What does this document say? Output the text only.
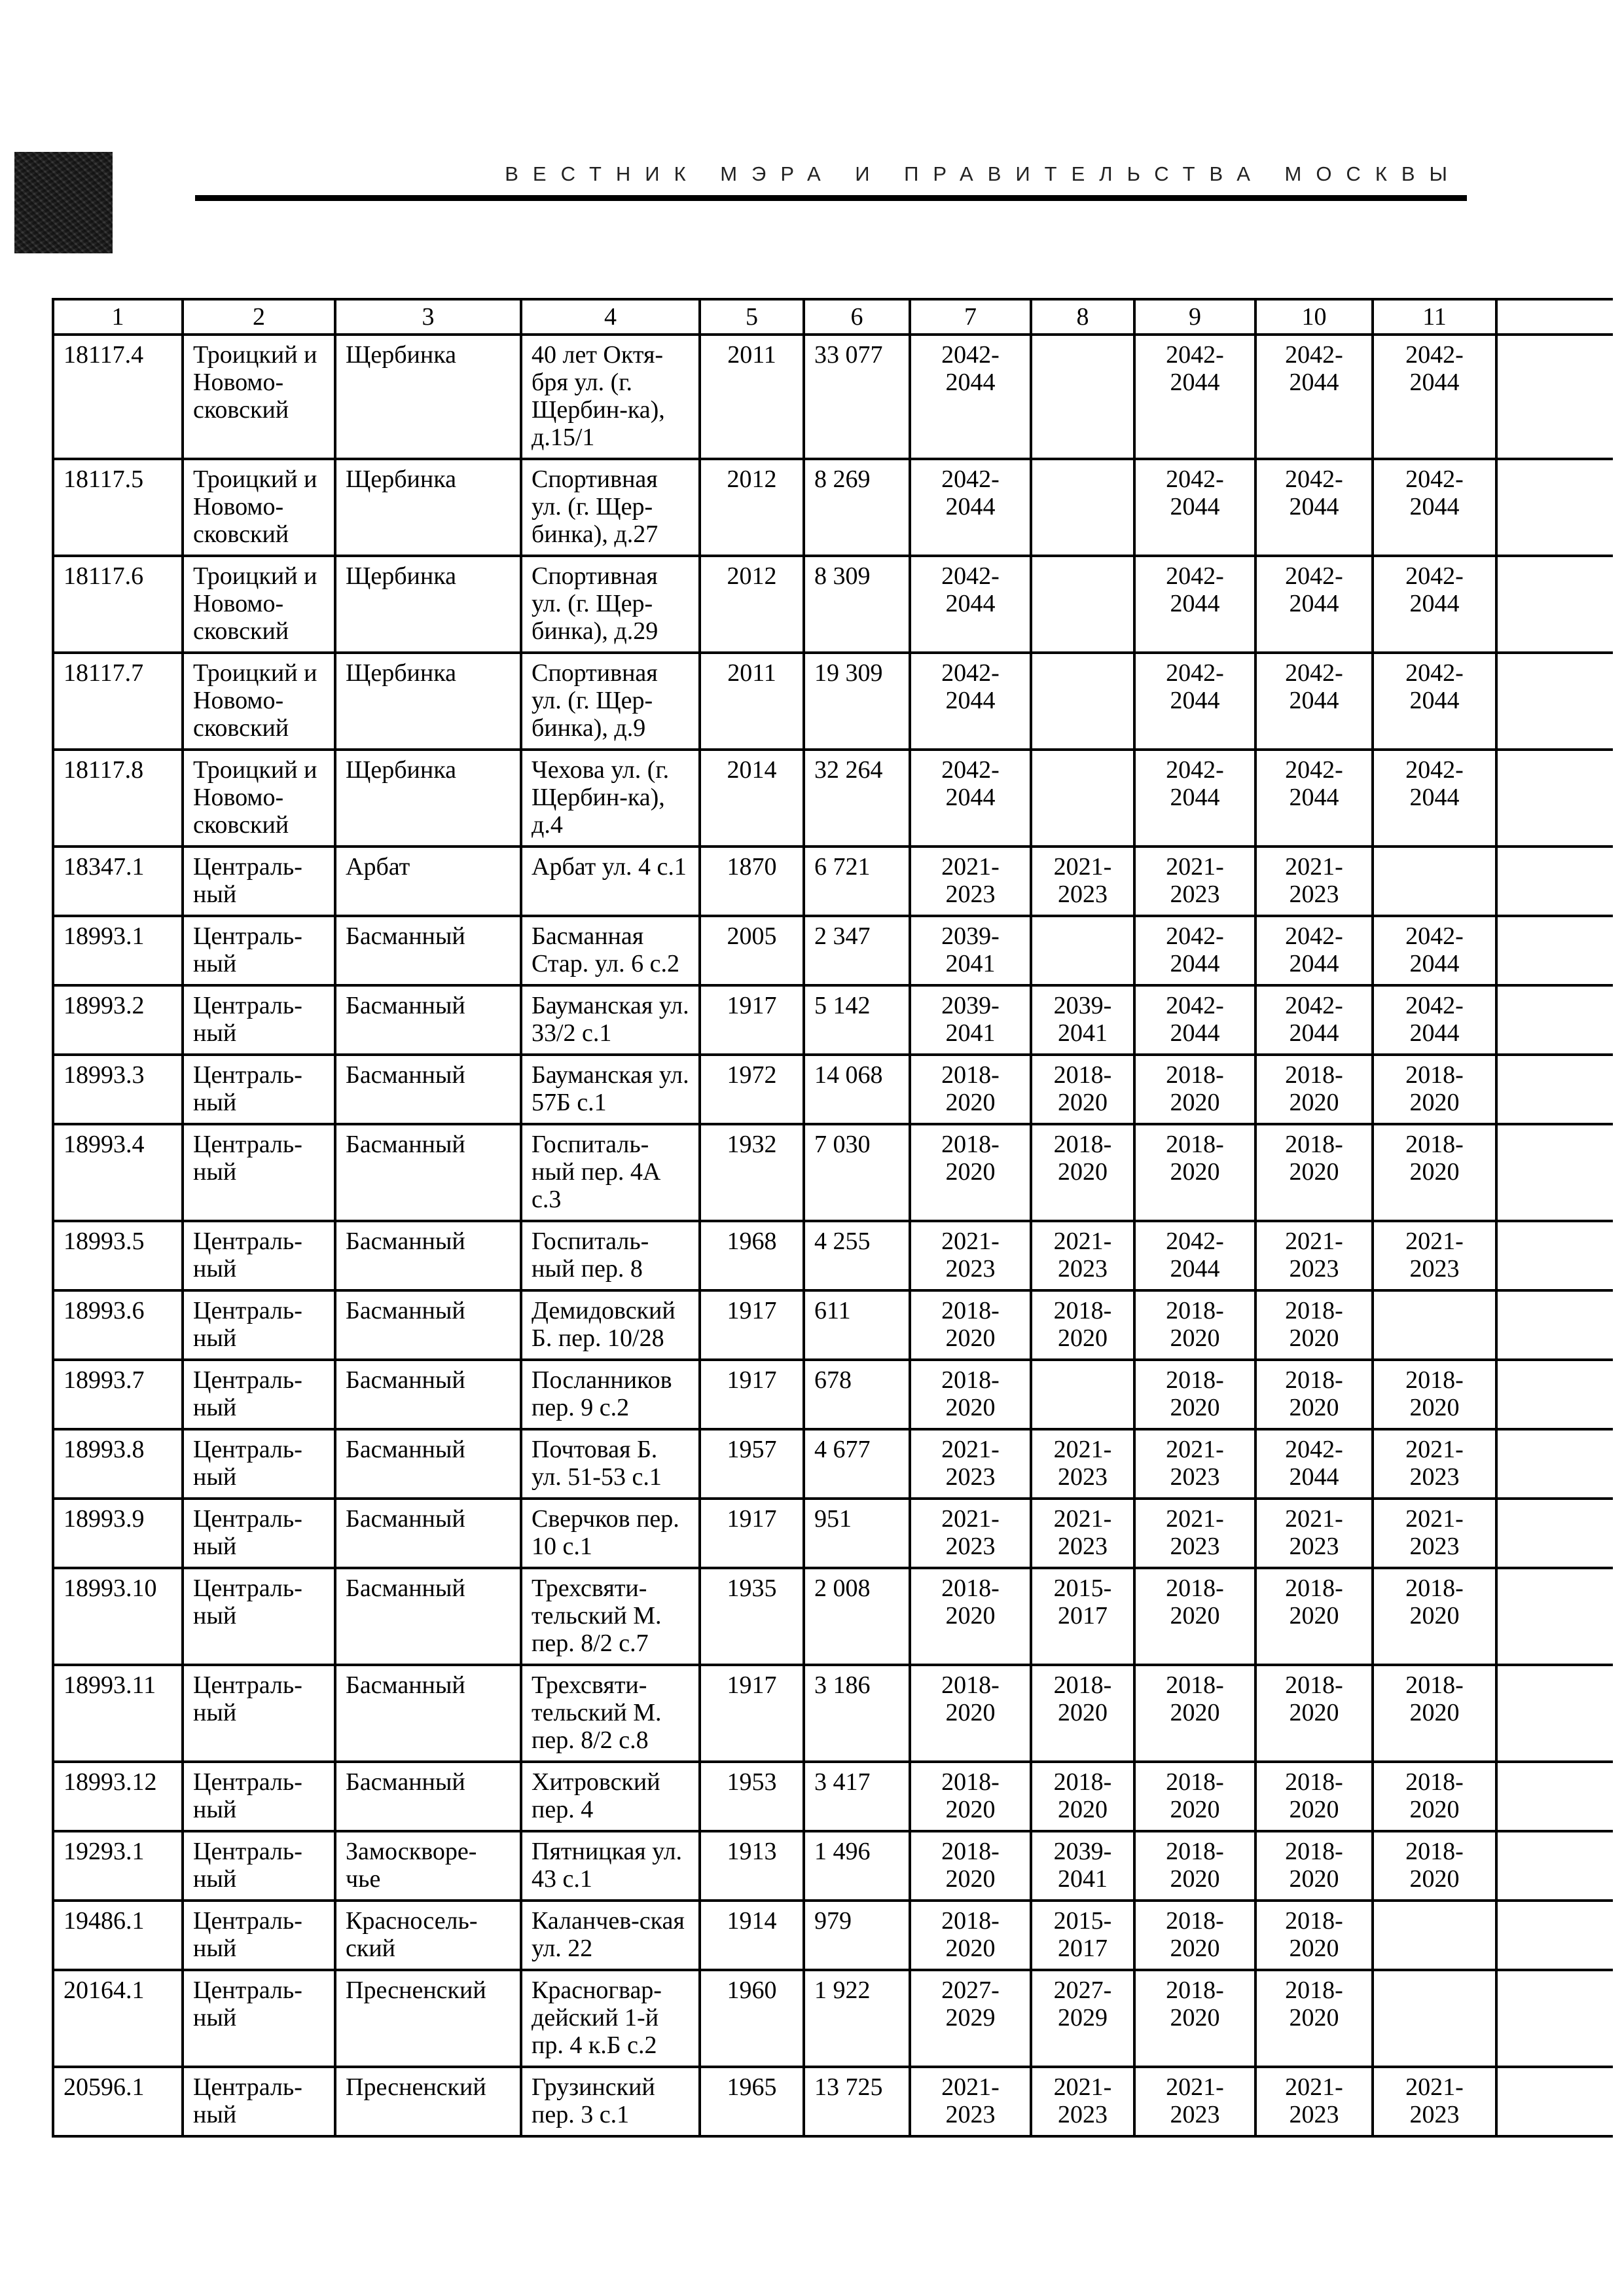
ВЕСТНИК МЭРА И ПРАВИТЕЛЬСТВА МОСКВЫ
1	2	3	4	5	6	7	8	9	10	11	
18117.4	Троицкий и Новомо-сковский	Щербинка	40 лет Октя-бря ул. (г. Щербин-ка), д.15/1	2011	33 077	2042-2044		2042-2044	2042-2044	2042-2044	
18117.5	Троицкий и Новомо-сковский	Щербинка	Спортивная ул. (г. Щер-бинка), д.27	2012	8 269	2042-2044		2042-2044	2042-2044	2042-2044	
18117.6	Троицкий и Новомо-сковский	Щербинка	Спортивная ул. (г. Щер-бинка), д.29	2012	8 309	2042-2044		2042-2044	2042-2044	2042-2044	
18117.7	Троицкий и Новомо-сковский	Щербинка	Спортивная ул. (г. Щер-бинка), д.9	2011	19 309	2042-2044		2042-2044	2042-2044	2042-2044	
18117.8	Троицкий и Новомо-сковский	Щербинка	Чехова ул. (г. Щербин-ка), д.4	2014	32 264	2042-2044		2042-2044	2042-2044	2042-2044	
18347.1	Централь-ный	Арбат	Арбат ул. 4 с.1	1870	6 721	2021-2023	2021-2023	2021-2023	2021-2023		
18993.1	Централь-ный	Басманный	Басманная Стар. ул. 6 с.2	2005	2 347	2039-2041		2042-2044	2042-2044	2042-2044	
18993.2	Централь-ный	Басманный	Бауманская ул. 33/2 с.1	1917	5 142	2039-2041	2039-2041	2042-2044	2042-2044	2042-2044	
18993.3	Централь-ный	Басманный	Бауманская ул. 57Б с.1	1972	14 068	2018-2020	2018-2020	2018-2020	2018-2020	2018-2020	
18993.4	Централь-ный	Басманный	Госпиталь-ный пер. 4А с.3	1932	7 030	2018-2020	2018-2020	2018-2020	2018-2020	2018-2020	
18993.5	Централь-ный	Басманный	Госпиталь-ный пер. 8	1968	4 255	2021-2023	2021-2023	2042-2044	2021-2023	2021-2023	
18993.6	Централь-ный	Басманный	Демидовский Б. пер. 10/28	1917	611	2018-2020	2018-2020	2018-2020	2018-2020		
18993.7	Централь-ный	Басманный	Посланников пер. 9 с.2	1917	678	2018-2020		2018-2020	2018-2020	2018-2020	
18993.8	Централь-ный	Басманный	Почтовая Б. ул. 51-53 с.1	1957	4 677	2021-2023	2021-2023	2021-2023	2042-2044	2021-2023	
18993.9	Централь-ный	Басманный	Сверчков пер. 10 с.1	1917	951	2021-2023	2021-2023	2021-2023	2021-2023	2021-2023	
18993.10	Централь-ный	Басманный	Трехсвяти-тельский М. пер. 8/2 с.7	1935	2 008	2018-2020	2015-2017	2018-2020	2018-2020	2018-2020	
18993.11	Централь-ный	Басманный	Трехсвяти-тельский М. пер. 8/2 с.8	1917	3 186	2018-2020	2018-2020	2018-2020	2018-2020	2018-2020	
18993.12	Централь-ный	Басманный	Хитровский пер. 4	1953	3 417	2018-2020	2018-2020	2018-2020	2018-2020	2018-2020	
19293.1	Централь-ный	Замоскворе-чье	Пятницкая ул. 43 с.1	1913	1 496	2018-2020	2039-2041	2018-2020	2018-2020	2018-2020	
19486.1	Централь-ный	Красносель-ский	Каланчев-ская ул. 22	1914	979	2018-2020	2015-2017	2018-2020	2018-2020		
20164.1	Централь-ный	Пресненский	Красногвар-дейский 1-й пр. 4 к.Б с.2	1960	1 922	2027-2029	2027-2029	2018-2020	2018-2020		
20596.1	Централь-ный	Пресненский	Грузинский пер. 3 с.1	1965	13 725	2021-2023	2021-2023	2021-2023	2021-2023	2021-2023	
